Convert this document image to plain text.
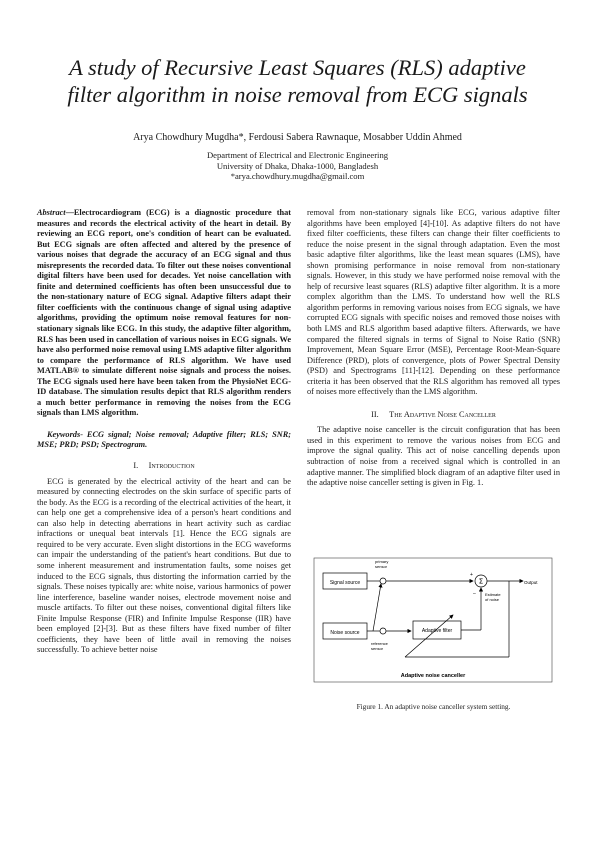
A study of Recursive Least Squares (RLS) adaptive
filter algorithm in noise removal from ECG signals
Arya Chowdhury Mugdha*, Ferdousi Sabera Rawnaque, Mosabber Uddin Ahmed
Department of Electrical and Electronic Engineering
University of Dhaka, Dhaka-1000, Bangladesh
*arya.chowdhury.mugdha@gmail.com
Abstract—Electrocardiogram (ECG) is a diagnostic procedure that measures and records the electrical activity of the heart in detail. By reviewing an ECG report, one's condition of heart can be evaluated. But ECG signals are often affected and altered by the presence of various noises that degrade the accuracy of an ECG signal and thus misrepresents the recorded data. To filter out these noises conventional digital filters have been used for decades. Yet noise cancellation with finite and determined coefficients has often been unsuccessful due to the non-stationary nature of ECG signal. Adaptive filters adapt their filter coefficients with the continuous change of signal using adaptive algorithms, providing the optimum noise removal features for non-stationary signals like ECG. In this study, the adaptive filter algorithm, RLS has been used in cancellation of various noises in ECG signals. We have also performed noise removal using LMS adaptive filter algorithm to compare the performance of RLS algorithm. We have used MATLAB® to simulate different noise signals and process the noises. The ECG signals used here have been taken from the PhysioNet ECG-ID database. The simulation results depict that RLS algorithm renders a much better performance in removing the noises from the ECG signals than LMS algorithm.
Keywords- ECG signal; Noise removal; Adaptive filter; RLS; SNR; MSE; PRD; PSD; Spectrogram.
I. Introduction

ECG is generated by the electrical activity of the heart and can be measured by connecting electrodes on the skin surface of specific parts of the body. As the ECG is a recording of the electrical activities of the heart, it can help one get a comprehensive idea of a person's heart conditions and can also help in detecting aberrations in heart activity such as cardiac infractions or unequal beat intervals [1]. Hence the ECG signals are required to be very accurate. Even slight distortions in the ECG waveforms can impair the understanding of the patient's heart conditions. But due to some inherent measurement and instrumentation faults, some noises get induced to the ECG signals, thus distorting the information carried by the signals. These noises typically are: white noise, various harmonics of power line interference, baseline wander noises, electrode movement noise and muscle artifacts. To filter out these noises, conventional digital filters like Finite Impulse Response (FIR) and Infinite Impulse Response (IIR) have been employed [2]-[3]. But as these filters have fixed number of filter coefficients, they have been of little avail in removing the noises successfully. To achieve better noise

removal from non-stationary signals like ECG, various adaptive filter algorithms have been employed [4]-[10]. As adaptive filters do not have fixed filter coefficients, these filters can change their filter coefficients to reduce the noise present in the signal through adaptation. Even the most basic adaptive filter algorithms, like the least mean squares (LMS), have shown promising performance in noise removal from non-stationary signals. However, in this study we have performed noise removal with the help of recursive least squares (RLS) adaptive filter algorithm. It is a more complex algorithm than the LMS. To understand how well the RLS algorithm performs in removing various noises from ECG signals, we have corrupted ECG signals with specific noises and removed those noises with both LMS and RLS algorithm based adaptive filters. Afterwards, we have compared the filtered signals in terms of Signal to Noise Ratio (SNR) Improvement, Mean Square Error (MSE), Percentage Root-Mean-Square Difference (PRD), plots of convergence, plots of Power Spectral Density (PSD) and Spectrograms [11]-[12]. Depending on these performance criteria it has been observed that the RLS algorithm has removed all types of noises more effectively than the LMS algorithm.

II. The Adaptive Noise Canceller

The adaptive noise canceller is the circuit configuration that has been used in this experiment to remove the various noises from ECG and improve the signal quality. This act of noise cancelling depends upon subtraction of noise from a received signal which is controlled in an adaptive manner. The simplified block diagram of an adaptive filter used in the adaptive noise canceller setting is given in Fig. 1.

Signal source
Noise source
primary
sensor
reference
sensor
Adaptive filter
Σ
+
– Estimate
of noise
Output
Adaptive noise canceller
Figure 1. An adaptive noise canceller system setting.
